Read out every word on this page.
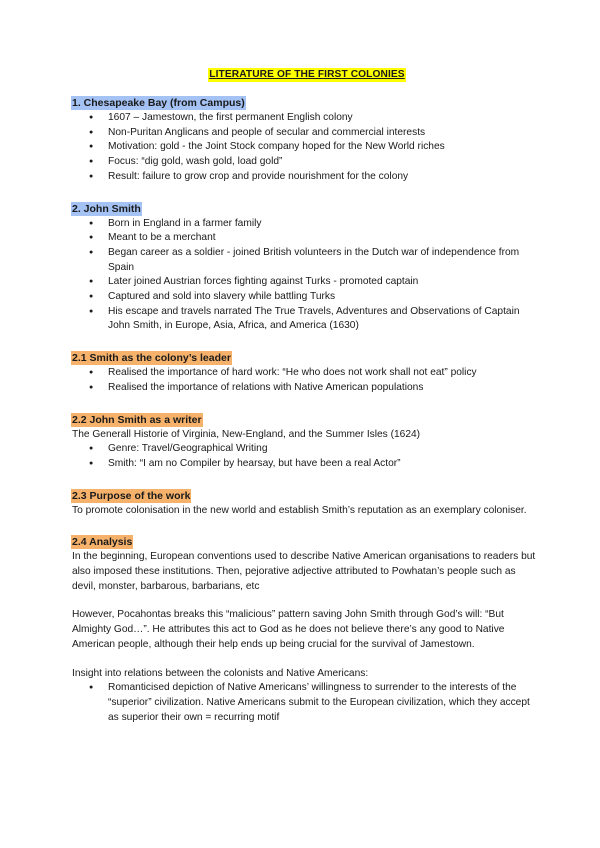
LITERATURE OF THE FIRST COLONIES
1. Chesapeake Bay (from Campus)
● 1607 – Jamestown, the first permanent English colony
● Non-Puritan Anglicans and people of secular and commercial interests
● Motivation: gold - the Joint Stock company hoped for the New World riches
● Focus: “dig gold, wash gold, load gold”
● Result: failure to grow crop and provide nourishment for the colony
2. John Smith
● Born in England in a farmer family
● Meant to be a merchant
● Began career as a soldier - joined British volunteers in the Dutch war of independence from Spain
● Later joined Austrian forces fighting against Turks - promoted captain
● Captured and sold into slavery while battling Turks
● His escape and travels narrated The True Travels, Adventures and Observations of Captain John Smith, in Europe, Asia, Africa, and America (1630)
2.1 Smith as the colony’s leader
● Realised the importance of hard work: “He who does not work shall not eat” policy
● Realised the importance of relations with Native American populations
2.2 John Smith as a writer

The Generall Historie of Virginia, New-England, and the Summer Isles (1624)

● Genre: Travel/Geographical Writing
● Smith: “I am no Compiler by hearsay, but have been a real Actor”
2.3 Purpose of the work

To promote colonisation in the new world and establish Smith’s reputation as an exemplary coloniser.

2.4 Analysis

In the beginning, European conventions used to describe Native American organisations to readers but also imposed these institutions. Then, pejorative adjective attributed to Powhatan’s people such as devil, monster, barbarous, barbarians, etc

However, Pocahontas breaks this “malicious” pattern saving John Smith through God’s will: “But Almighty God…”. He attributes this act to God as he does not believe there’s any good to Native American people, although their help ends up being crucial for the survival of Jamestown.

Insight into relations between the colonists and Native Americans:

● Romanticised depiction of Native Americans’ willingness to surrender to the interests of the “superior” civilization. Native Americans submit to the European civilization, which they accept as superior their own = recurring motif
